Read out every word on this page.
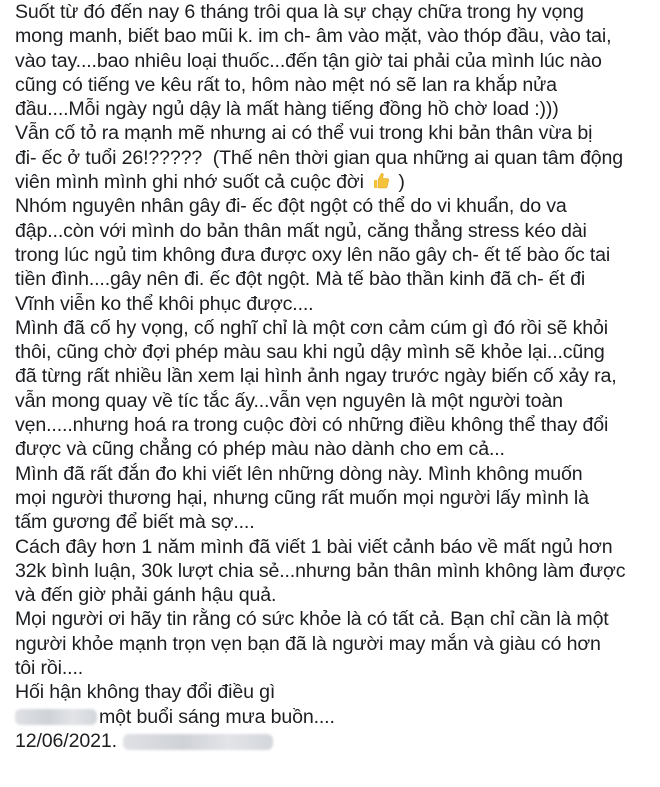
Suốt từ đó đến nay 6 tháng trôi qua là sự chạy chữa trong hy vọng
mong manh, biết bao mũi k. im ch- âm vào mặt, vào thóp đầu, vào tai,
vào tay....bao nhiêu loại thuốc...đến tận giờ tai phải của mình lúc nào
cũng có tiếng ve kêu rất to, hôm nào mệt nó sẽ lan ra khắp nửa
đầu....Mỗi ngày ngủ dậy là mất hàng tiếng đồng hồ chờ load :)))
Vẫn cố tỏ ra mạnh mẽ nhưng ai có thể vui trong khi bản thân vừa bị
đi- ếc ở tuổi 26!?????  (Thế nên thời gian qua những ai quan tâm động
viên mình mình ghi nhớ suốt cả cuộc đời  )
Nhóm nguyên nhân gây đi- ếc đột ngột có thể do vi khuẩn, do va
đập...còn với mình do bản thân mất ngủ, căng thẳng stress kéo dài
trong lúc ngủ tim không đưa được oxy lên não gây ch- ết tế bào ốc tai
tiền đình....gây nên đi. ếc đột ngột. Mà tế bào thần kinh đã ch- ết đi
Vĩnh viễn ko thể khôi phục được....
Mình đã cố hy vọng, cố nghĩ chỉ là một cơn cảm cúm gì đó rồi sẽ khỏi
thôi, cũng chờ đợi phép màu sau khi ngủ dậy mình sẽ khỏe lại...cũng
đã từng rất nhiều lần xem lại hình ảnh ngay trước ngày biến cố xảy ra,
vẫn mong quay về tíc tắc ấy...vẫn vẹn nguyên là một người toàn
vẹn.....nhưng hoá ra trong cuộc đời có những điều không thể thay đổi
được và cũng chẳng có phép màu nào dành cho em cả...
Mình đã rất đắn đo khi viết lên những dòng này. Mình không muốn
mọi người thương hại, nhưng cũng rất muốn mọi người lấy mình là
tấm gương để biết mà sợ....
Cách đây hơn 1 năm mình đã viết 1 bài viết cảnh báo về mất ngủ hơn
32k bình luận, 30k lượt chia sẻ...nhưng bản thân mình không làm được
và đến giờ phải gánh hậu quả.
Mọi người ơi hãy tin rằng có sức khỏe là có tất cả. Bạn chỉ cần là một
người khỏe mạnh trọn vẹn bạn đã là người may mắn và giàu có hơn
tôi rồi....
Hối hận không thay đổi điều gì
một buổi sáng mưa buồn....
12/06/2021.
